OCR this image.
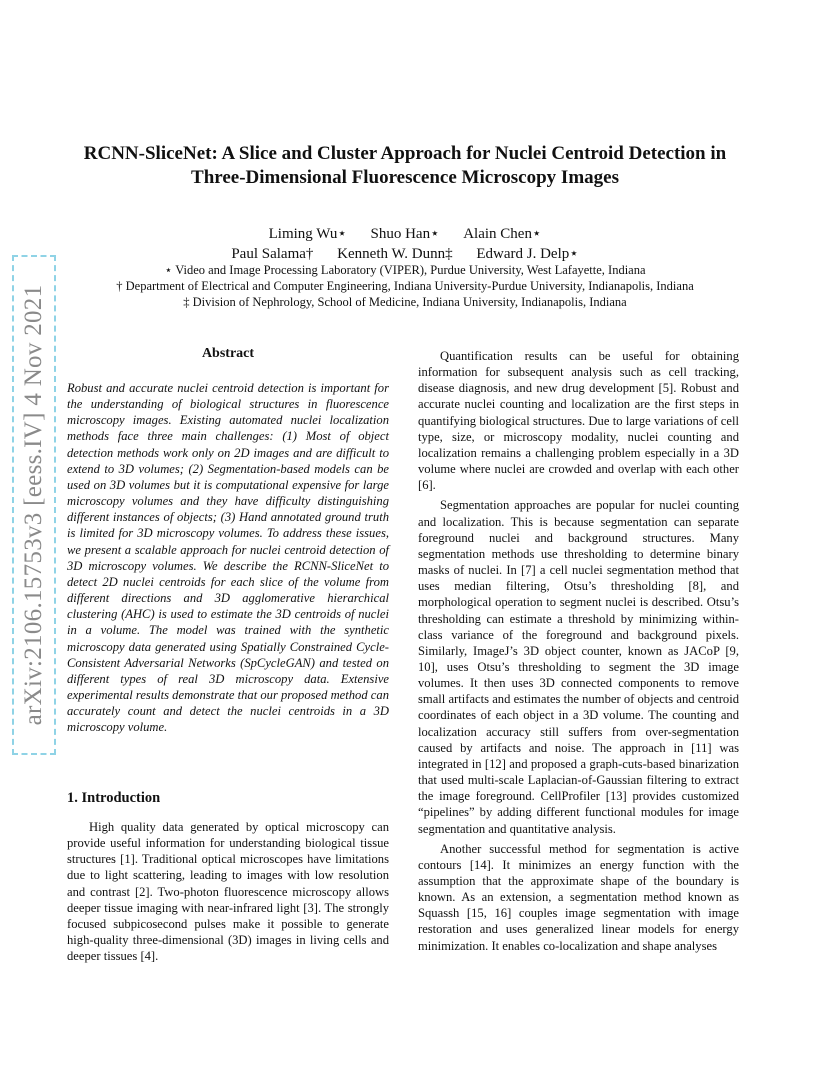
arXiv:2106.15753v3 [eess.IV] 4 Nov 2021
RCNN-SliceNet: A Slice and Cluster Approach for Nuclei Centroid Detection in
Three-Dimensional Fluorescence Microscopy Images
Liming Wu⋆ Shuo Han⋆ Alain Chen⋆
Paul Salama† Kenneth W. Dunn‡ Edward J. Delp⋆
⋆ Video and Image Processing Laboratory (VIPER), Purdue University, West Lafayette, Indiana
† Department of Electrical and Computer Engineering, Indiana University-Purdue University, Indianapolis, Indiana
‡ Division of Nephrology, School of Medicine, Indiana University, Indianapolis, Indiana
Abstract
Robust and accurate nuclei centroid detection is important for the understanding of biological structures in fluorescence microscopy images. Existing automated nuclei localization methods face three main challenges: (1) Most of object detection methods work only on 2D images and are difficult to extend to 3D volumes; (2) Segmentation-based models can be used on 3D volumes but it is computational expensive for large microscopy volumes and they have difficulty distinguishing different instances of objects; (3) Hand annotated ground truth is limited for 3D microscopy volumes. To address these issues, we present a scalable approach for nuclei centroid detection of 3D microscopy volumes. We describe the RCNN-SliceNet to detect 2D nuclei centroids for each slice of the volume from different directions and 3D agglomerative hierarchical clustering (AHC) is used to estimate the 3D centroids of nuclei in a volume. The model was trained with the synthetic microscopy data generated using Spatially Constrained Cycle-Consistent Adversarial Networks (SpCycleGAN) and tested on different types of real 3D microscopy data. Extensive experimental results demonstrate that our proposed method can accurately count and detect the nuclei centroids in a 3D microscopy volume.
1. Introduction

High quality data generated by optical microscopy can provide useful information for understanding biological tissue structures [1]. Traditional optical microscopes have limitations due to light scattering, leading to images with low resolution and contrast [2]. Two-photon fluorescence microscopy allows deeper tissue imaging with near-infrared light [3]. The strongly focused subpicosecond pulses make it possible to generate high-quality three-dimensional (3D) images in living cells and deeper tissues [4].

Quantification results can be useful for obtaining information for subsequent analysis such as cell tracking, disease diagnosis, and new drug development [5]. Robust and accurate nuclei counting and localization are the first steps in quantifying biological structures. Due to large variations of cell type, size, or microscopy modality, nuclei counting and localization remains a challenging problem especially in a 3D volume where nuclei are crowded and overlap with each other [6].

Segmentation approaches are popular for nuclei counting and localization. This is because segmentation can separate foreground nuclei and background structures. Many segmentation methods use thresholding to determine binary masks of nuclei. In [7] a cell nuclei segmentation method that uses median filtering, Otsu’s thresholding [8], and morphological operation to segment nuclei is described. Otsu’s thresholding can estimate a threshold by minimizing within-class variance of the foreground and background pixels. Similarly, ImageJ’s 3D object counter, known as JACoP [9, 10], uses Otsu’s thresholding to segment the 3D image volumes. It then uses 3D connected components to remove small artifacts and estimates the number of objects and centroid coordinates of each object in a 3D volume. The counting and localization accuracy still suffers from over-segmentation caused by artifacts and noise. The approach in [11] was integrated in [12] and proposed a graph-cuts-based binarization that used multi-scale Laplacian-of-Gaussian filtering to extract the image foreground. CellProfiler [13] provides customized “pipelines” by adding different functional modules for image segmentation and quantitative analysis.

Another successful method for segmentation is active contours [14]. It minimizes an energy function with the assumption that the approximate shape of the boundary is known. As an extension, a segmentation method known as Squassh [15, 16] couples image segmentation with image restoration and uses generalized linear models for energy minimization. It enables co-localization and shape analyses
